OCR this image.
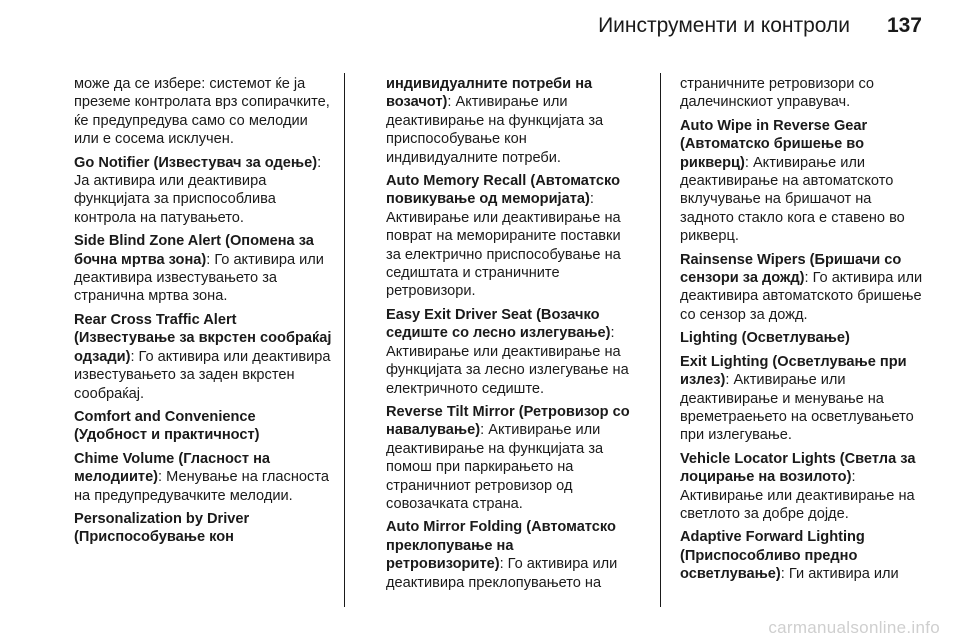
Иинструменти и контроли 137

може да се избере: системот ќе ја преземе контролата врз сопирачките, ќе предупредува само со мелодии или е сосема исклучен.

Go Notifier (Известувач за одење): Ја активира или деактивира функцијата за приспособлива контрола на патувањето.

Side Blind Zone Alert (Опомена за бочна мртва зона): Го активира или деактивира известувањето за странична мртва зона.

Rear Cross Traffic Alert (Известување за вкрстен сообраќај одзади): Го активира или деактивира известувањето за заден вкрстен сообраќај.

Comfort and Convenience (Удобност и практичност)

Chime Volume (Гласност на мелодиите): Менување на гласноста на предупредувачките мелодии.

Personalization by Driver (Приспособување кон

индивидуалните потреби на возачот): Активирање или деактивирање на функцијата за приспособување кон индивидуалните потреби.

Auto Memory Recall (Автоматско повикување од меморијата): Активирање или деактивирање на поврат на меморираните поставки за електрично приспособување на седиштата и страничните ретровизори.

Easy Exit Driver Seat (Возачко седиште со лесно излегување): Активирање или деактивирање на функцијата за лесно излегување на електричното седиште.

Reverse Tilt Mirror (Ретровизор со навалување): Активирање или деактивирање на функцијата за помош при паркирањето на страничниот ретровизор од совозачката страна.

Auto Mirror Folding (Автоматско преклопување на ретровизорите): Го активира или деактивира преклопувањето на

страничните ретровизори со далечинскиот управувач.

Auto Wipe in Reverse Gear (Автоматско бришење во рикверц): Активирање или деактивирање на автоматското вклучување на бришачот на задното стакло кога е ставено во рикверц.

Rainsense Wipers (Бришачи со сензори за дожд): Го активира или деактивира автоматското бришење со сензор за дожд.

Lighting (Осветлување)

Exit Lighting (Осветлување при излез): Активирање или деактивирање и менување на времетраењето на осветлувањето при излегување.

Vehicle Locator Lights (Светла за лоцирање на возилото): Активирање или деактивирање на светлото за добре дојде.

Adaptive Forward Lighting (Приспособливо предно осветлување): Ги активира или

carmanualsonline.info
